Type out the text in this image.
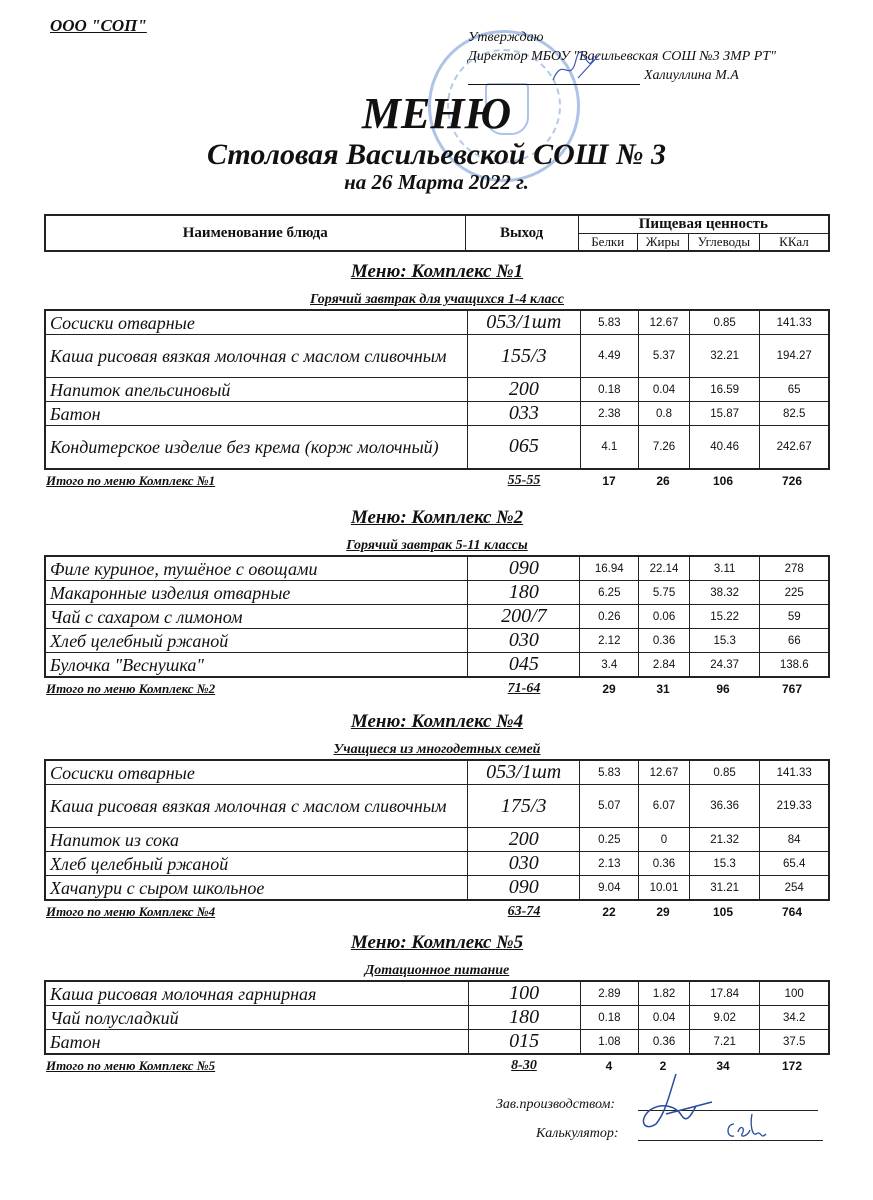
ООО "СОП"
Утверждаю
Директор МБОУ "Васильевская СОШ №3 ЗМР РТ"
Халиуллина М.А
МЕНЮ
Столовая Васильевской СОШ № 3
на 26 Марта 2022 г.
Наименование блюда	Выход	Пищевая ценность			
		Белки	Жиры	Углеводы	ККал
Меню: Комплекс №1
Горячий завтрак для учащихся 1-4 класс
Сосиски отварные	053/1шт	5.83	12.67	0.85	141.33
Каша рисовая вязкая молочная с маслом сливочным	155/3	4.49	5.37	32.21	194.27
Напиток апельсиновый	200	0.18	0.04	16.59	65
Батон	033	2.38	0.8	15.87	82.5
Кондитерское изделие без крема (корж молочный)	065	4.1	7.26	40.46	242.67
Итого по меню Комплекс №1	55-55	17	26	106	726
Меню: Комплекс №2
Горячий завтрак 5-11 классы
Филе куриное, тушёное с овощами	090	16.94	22.14	3.11	278
Макаронные изделия отварные	180	6.25	5.75	38.32	225
Чай с сахаром с лимоном	200/7	0.26	0.06	15.22	59
Хлеб целебный ржаной	030	2.12	0.36	15.3	66
Булочка "Веснушка"	045	3.4	2.84	24.37	138.6
Итого по меню Комплекс №2	71-64	29	31	96	767
Меню: Комплекс №4
Учащиеся из многодетных семей
Сосиски отварные	053/1шт	5.83	12.67	0.85	141.33
Каша рисовая вязкая молочная с маслом сливочным	175/3	5.07	6.07	36.36	219.33
Напиток из сока	200	0.25	0	21.32	84
Хлеб целебный ржаной	030	2.13	0.36	15.3	65.4
Хачапури с сыром школьное	090	9.04	10.01	31.21	254
Итого по меню Комплекс №4	63-74	22	29	105	764
Меню: Комплекс №5
Дотационное питание
Каша рисовая молочная гарнирная	100	2.89	1.82	17.84	100
Чай полусладкий	180	0.18	0.04	9.02	34.2
Батон	015	1.08	0.36	7.21	37.5
Итого по меню Комплекс №5	8-30	4	2	34	172
Зав.производством:
Калькулятор:
